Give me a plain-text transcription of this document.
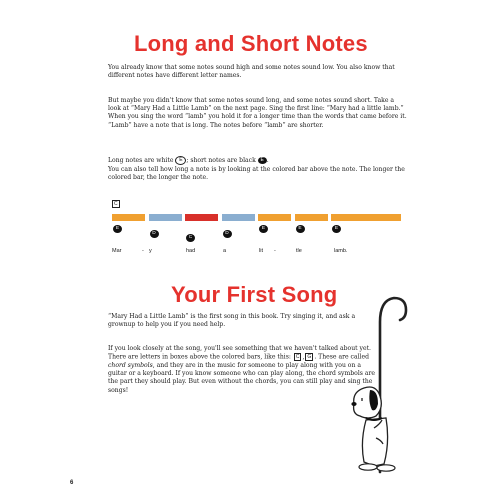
Long and Short Notes

You already know that some notes sound high and some notes sound low. You also know that different notes have different letter names.

But maybe you didn't know that some notes sound long, and some notes sound short. Take a look at “Mary Had a Little Lamb” on the next page. Sing the first line: “Mary had a little lamb.” When you sing the word “lamb” you hold it for a longer time than the words that came before it. “Lamb” have a note that is long. The notes before “lamb” are shorter.

Long notes are white E ; short notes are black E .

You can also tell how long a note is by looking at the colored bar above the note. The longer the colored bar, the longer the note.

C
E
D
C
D
E	E	E
Mar	- y	had	a	lit -	tle	lamb.
Your First Song

“Mary Had a Little Lamb” is the first song in this book. Try singing it, and ask a grownup to help you if you need help.

If you look closely at the song, you'll see something that we haven't talked about yet. There are letters in boxes above the colored bars, like this: C , G . These are called chord symbols, and they are in the music for someone to play along with you on a guitar or a keyboard. If you know someone who can play along, the chord symbols are the part they should play. But even without the chords, you can still play and sing the songs!

6
